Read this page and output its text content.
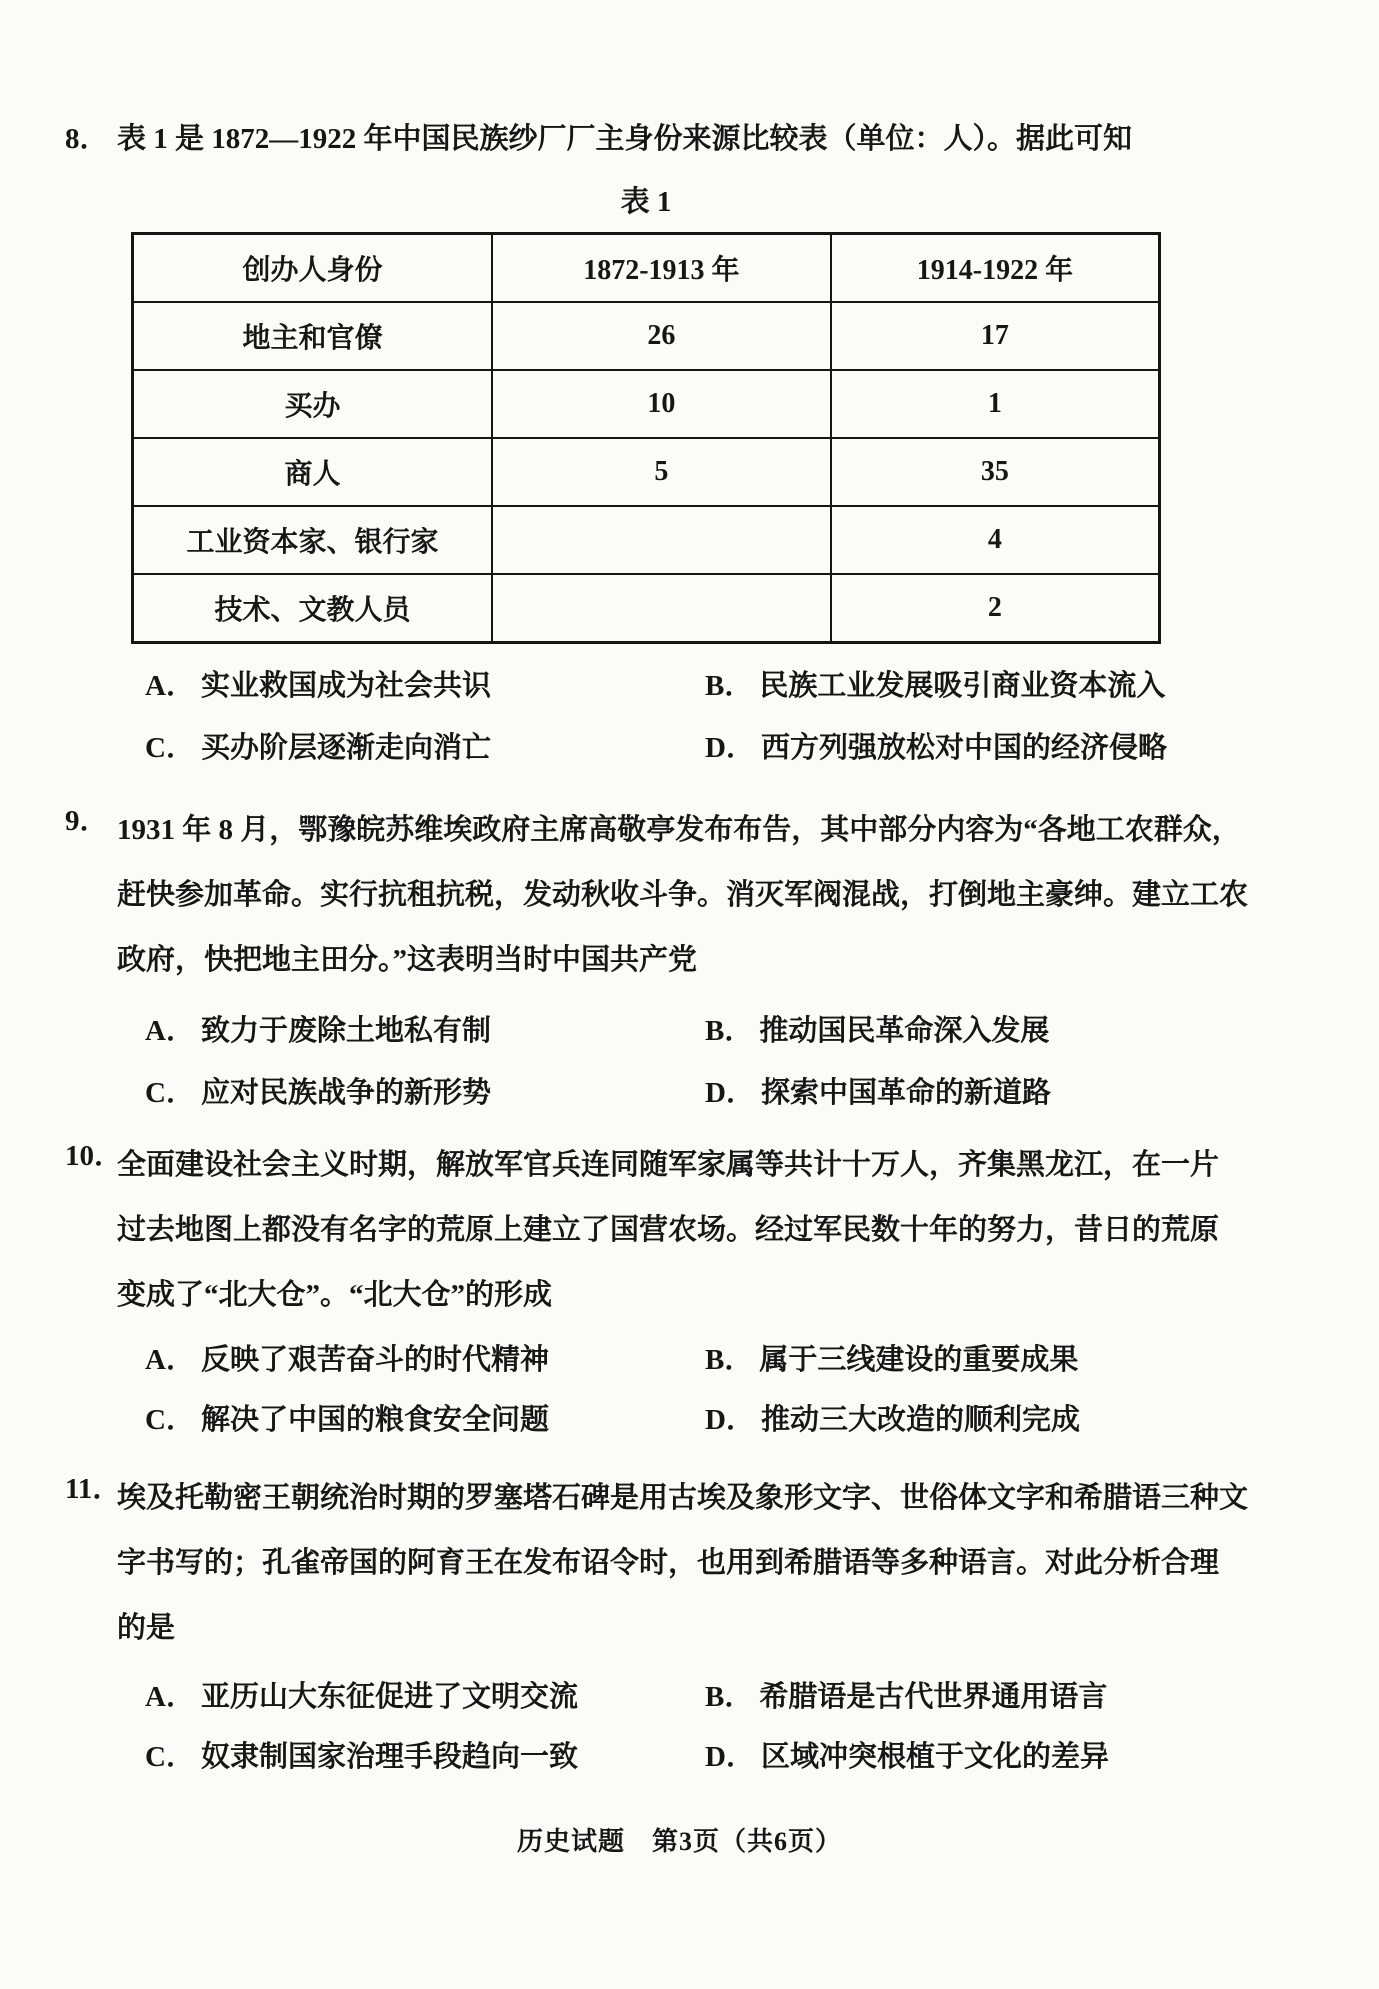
8． 表 1 是 1872—1922 年中国民族纱厂厂主身份来源比较表（单位：人）。据此可知
表 1
创办人身份	1872-1913 年	1914-1922 年
地主和官僚	26	17
买办	10	1
商人	5	35
工业资本家、银行家		4
技术、文教人员		2
A． 实业救国成为社会共识	B． 民族工业发展吸引商业资本流入
C． 买办阶层逐渐走向消亡	D． 西方列强放松对中国的经济侵略
9． 1931 年 8 月，鄂豫皖苏维埃政府主席高敬亭发布布告，其中部分内容为“各地工农群众，
赶快参加革命。实行抗租抗税，发动秋收斗争。消灭军阀混战，打倒地主豪绅。建立工农
政府，快把地主田分。”这表明当时中国共产党
A． 致力于废除土地私有制	B． 推动国民革命深入发展
C． 应对民族战争的新形势	D． 探索中国革命的新道路
10．
全面建设社会主义时期，解放军官兵连同随军家属等共计十万人，齐集黑龙江，在一片
过去地图上都没有名字的荒原上建立了国营农场。经过军民数十年的努力，昔日的荒原
变成了“北大仓”。“北大仓”的形成
A． 反映了艰苦奋斗的时代精神	B． 属于三线建设的重要成果
C． 解决了中国的粮食安全问题	D． 推动三大改造的顺利完成
11．
埃及托勒密王朝统治时期的罗塞塔石碑是用古埃及象形文字、世俗体文字和希腊语三种文
字书写的；孔雀帝国的阿育王在发布诏令时，也用到希腊语等多种语言。对此分析合理
的是
A． 亚历山大东征促进了文明交流	B． 希腊语是古代世界通用语言
C． 奴隶制国家治理手段趋向一致	D． 区域冲突根植于文化的差异
历史试题　第3页（共6页）
